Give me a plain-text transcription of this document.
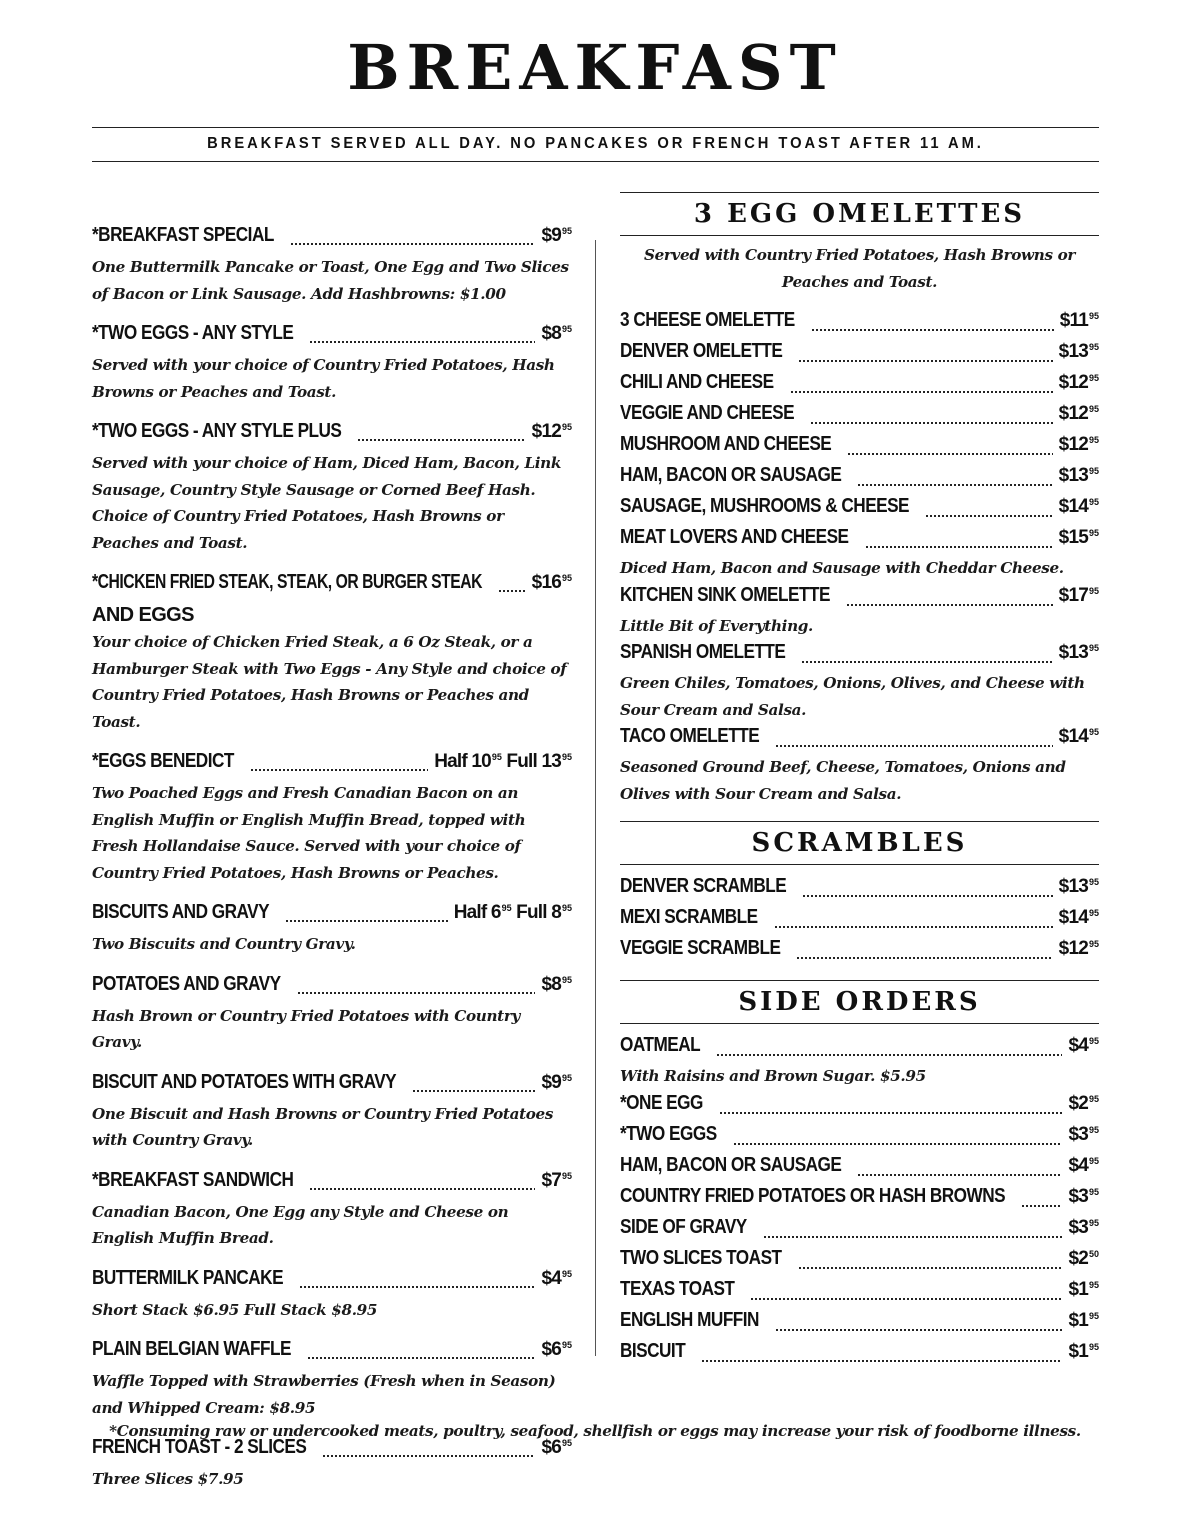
BREAKFAST
BREAKFAST SERVED ALL DAY. NO PANCAKES OR FRENCH TOAST AFTER 11 AM.
*BREAKFAST SPECIAL	$\$9^{95}$
One Buttermilk Pancake or Toast, One Egg and Two Slices of Bacon or Link Sausage. Add Hashbrowns: $1.00
*TWO EGGS - ANY STYLE	$\$8^{95}$
Served with your choice of Country Fried Potatoes, Hash Browns or Peaches and Toast.
*TWO EGGS - ANY STYLE PLUS	$\$12^{95}$
Served with your choice of Ham, Diced Ham, Bacon, Link Sausage, Country Style Sausage or Corned Beef Hash. Choice of Country Fried Potatoes, Hash Browns or Peaches and Toast.
*CHICKEN FRIED STEAK, STEAK, OR BURGER STEAK	$\$16^{95}$
AND EGGS
Your choice of Chicken Fried Steak, a 6 Oz Steak, or a Hamburger Steak with Two Eggs - Any Style and choice of Country Fried Potatoes, Hash Browns or Peaches and Toast.
*EGGS BENEDICT	Half $10^{95}$ Full $13^{95}$
Two Poached Eggs and Fresh Canadian Bacon on an English Muffin or English Muffin Bread, topped with Fresh Hollandaise Sauce. Served with your choice of Country Fried Potatoes, Hash Browns or Peaches.
BISCUITS AND GRAVY	Half $6^{95}$ Full $8^{95}$
Two Biscuits and Country Gravy.
POTATOES AND GRAVY	$\$8^{95}$
Hash Brown or Country Fried Potatoes with Country Gravy.
BISCUIT AND POTATOES WITH GRAVY	$\$9^{95}$
One Biscuit and Hash Browns or Country Fried Potatoes with Country Gravy.
*BREAKFAST SANDWICH	$\$7^{95}$
Canadian Bacon, One Egg any Style and Cheese on English Muffin Bread.
BUTTERMILK PANCAKE	$\$4^{95}$
Short Stack $6.95 Full Stack $8.95
PLAIN BELGIAN WAFFLE	$\$6^{95}$
Waffle Topped with Strawberries (Fresh when in Season) and Whipped Cream: $8.95
FRENCH TOAST - 2 SLICES	$\$6^{95}$
Three Slices $7.95
3 EGG OMELETTES
Served with Country Fried Potatoes, Hash Browns or Peaches and Toast.
3 CHEESE OMELETTE	$\$11^{95}$
DENVER OMELETTE	$\$13^{95}$
CHILI AND CHEESE	$\$12^{95}$
VEGGIE AND CHEESE	$\$12^{95}$
MUSHROOM AND CHEESE	$\$12^{95}$
HAM, BACON OR SAUSAGE	$\$13^{95}$
SAUSAGE, MUSHROOMS & CHEESE	$\$14^{95}$
MEAT LOVERS AND CHEESE	$\$15^{95}$
Diced Ham, Bacon and Sausage with Cheddar Cheese.
KITCHEN SINK OMELETTE	$\$17^{95}$
Little Bit of Everything.
SPANISH OMELETTE	$\$13^{95}$
Green Chiles, Tomatoes, Onions, Olives, and Cheese with Sour Cream and Salsa.
TACO OMELETTE	$\$14^{95}$
Seasoned Ground Beef, Cheese, Tomatoes, Onions and Olives with Sour Cream and Salsa.
SCRAMBLES
DENVER SCRAMBLE	$\$13^{95}$
MEXI SCRAMBLE	$\$14^{95}$
VEGGIE SCRAMBLE	$\$12^{95}$
SIDE ORDERS
OATMEAL	$\$4^{95}$
With Raisins and Brown Sugar. $5.95
*ONE EGG	$\$2^{95}$
*TWO EGGS	$\$3^{95}$
HAM, BACON OR SAUSAGE	$\$4^{95}$
COUNTRY FRIED POTATOES OR HASH BROWNS	$\$3^{95}$
SIDE OF GRAVY	$\$3^{95}$
TWO SLICES TOAST	$\$2^{50}$
TEXAS TOAST	$\$1^{95}$
ENGLISH MUFFIN	$\$1^{95}$
BISCUIT	$\$1^{95}$
*Consuming raw or undercooked meats, poultry, seafood, shellfish or eggs may increase your risk of foodborne illness.
